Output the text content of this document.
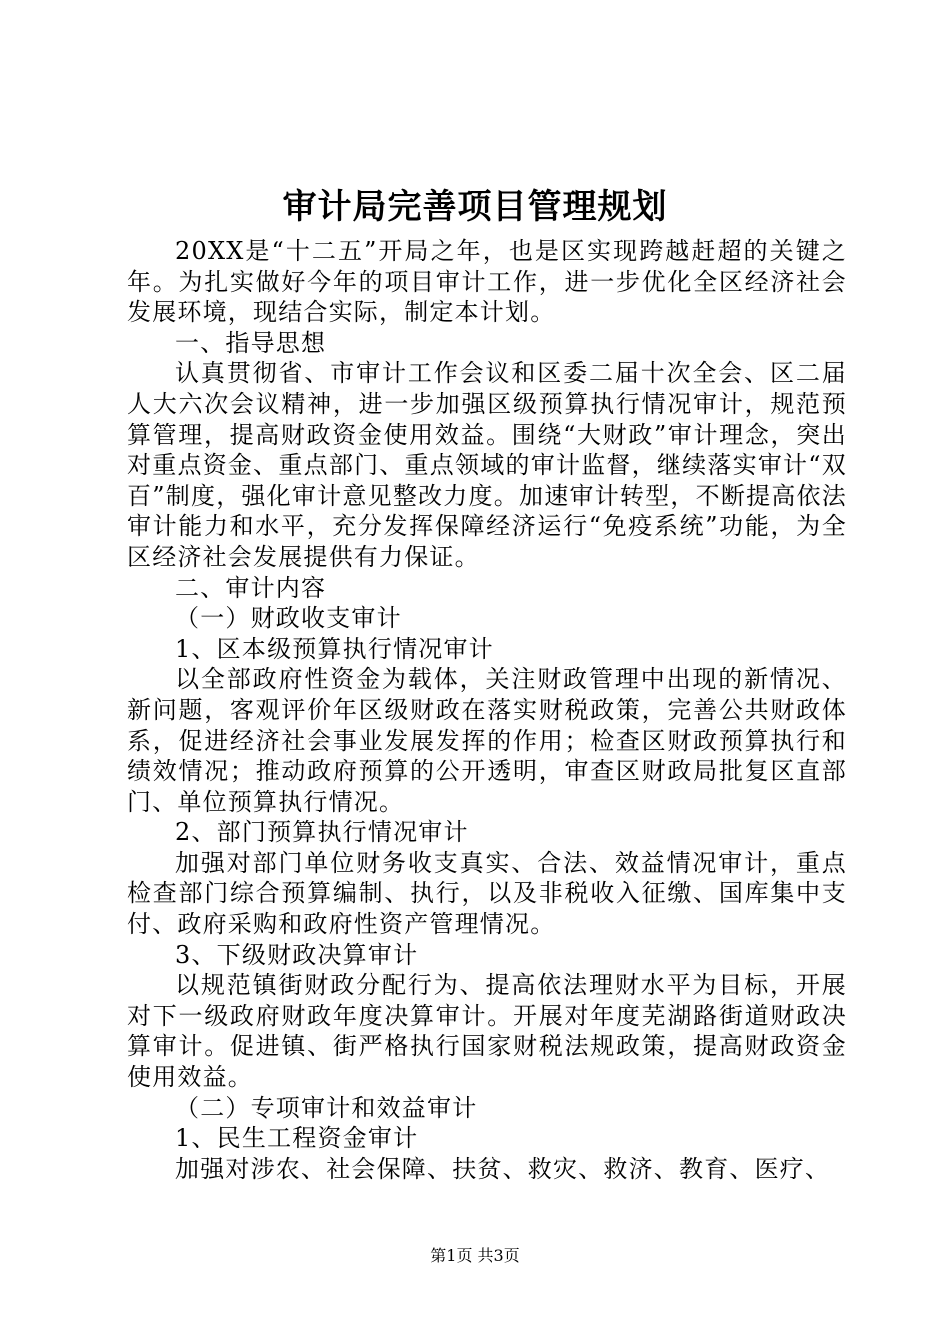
审计局完善项目管理规划

20XX是“十二五”开局之年，也是区实现跨越赶超的关键之年。为扎实做好今年的项目审计工作，进一步优化全区经济社会发展环境，现结合实际，制定本计划。

一、指导思想

认真贯彻省、市审计工作会议和区委二届十次全会、区二届人大六次会议精神，进一步加强区级预算执行情况审计，规范预算管理，提高财政资金使用效益。围绕“大财政”审计理念，突出对重点资金、重点部门、重点领域的审计监督，继续落实审计“双百”制度，强化审计意见整改力度。加速审计转型，不断提高依法审计能力和水平，充分发挥保障经济运行“免疫系统”功能，为全区经济社会发展提供有力保证。

二、审计内容

（一）财政收支审计

1、区本级预算执行情况审计

以全部政府性资金为载体，关注财政管理中出现的新情况、新问题，客观评价年区级财政在落实财税政策，完善公共财政体系，促进经济社会事业发展发挥的作用；检查区财政预算执行和绩效情况；推动政府预算的公开透明，审查区财政局批复区直部门、单位预算执行情况。

2、部门预算执行情况审计

加强对部门单位财务收支真实、合法、效益情况审计，重点检查部门综合预算编制、执行，以及非税收入征缴、国库集中支付、政府采购和政府性资产管理情况。

3、下级财政决算审计

以规范镇街财政分配行为、提高依法理财水平为目标，开展对下一级政府财政年度决算审计。开展对年度芜湖路街道财政决算审计。促进镇、街严格执行国家财税法规政策，提高财政资金使用效益。

（二）专项审计和效益审计

1、民生工程资金审计

加强对涉农、社会保障、扶贫、救灾、救济、教育、医疗、

第1页 共3页
